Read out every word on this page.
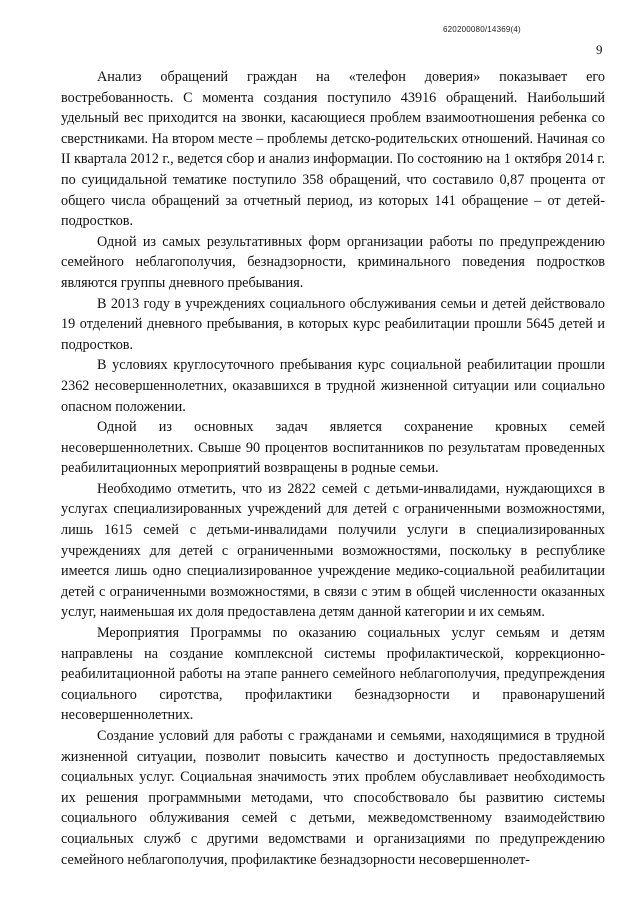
620200080/14369(4)
9

Анализ обращений граждан на «телефон доверия» показывает его востребованность. С момента создания поступило 43916 обращений. Наибольший удельный вес приходится на звонки, касающиеся проблем взаимоотношения ребенка со сверстниками. На втором месте – проблемы детско-родительских отношений. Начиная со II квартала 2012 г., ведется сбор и анализ информации. По состоянию на 1 октября 2014 г. по суицидальной тематике поступило 358 обращений, что составило 0,87 процента от общего числа обращений за отчетный период, из которых 141 обращение – от детей-подростков.

Одной из самых результативных форм организации работы по предупреждению семейного неблагополучия, безнадзорности, криминального поведения подростков являются группы дневного пребывания.

В 2013 году в учреждениях социального обслуживания семьи и детей действовало 19 отделений дневного пребывания, в которых курс реабилитации прошли 5645 детей и подростков.

В условиях круглосуточного пребывания курс социальной реабилитации прошли 2362 несовершеннолетних, оказавшихся в трудной жизненной ситуации или социально опасном положении.

Одной из основных задач является сохранение кровных семей несовершеннолетних. Свыше 90 процентов воспитанников по результатам проведенных реабилитационных мероприятий возвращены в родные семьи.

Необходимо отметить, что из 2822 семей с детьми-инвалидами, нуждающихся в услугах специализированных учреждений для детей с ограниченными возможностями, лишь 1615 семей с детьми-инвалидами получили услуги в специализированных учреждениях для детей с ограниченными возможностями, поскольку в республике имеется лишь одно специализированное учреждение медико-социальной реабилитации детей с ограниченными возможностями, в связи с этим в общей численности оказанных услуг, наименьшая их доля предоставлена детям данной категории и их семьям.

Мероприятия Программы по оказанию социальных услуг семьям и детям направлены на создание комплексной системы профилактической, коррекционно-реабилитационной работы на этапе раннего семейного неблагополучия, предупреждения социального сиротства, профилактики безнадзорности и правонарушений несовершеннолетних.

Создание условий для работы с гражданами и семьями, находящимися в трудной жизненной ситуации, позволит повысить качество и доступность предоставляемых социальных услуг. Социальная значимость этих проблем обуславливает необходимость их решения программными методами, что способствовало бы развитию системы социального облуживания семей с детьми, межведомственному взаимодействию социальных служб с другими ведомствами и организациями по предупреждению семейного неблагополучия, профилактике безнадзорности несовершеннолет-
